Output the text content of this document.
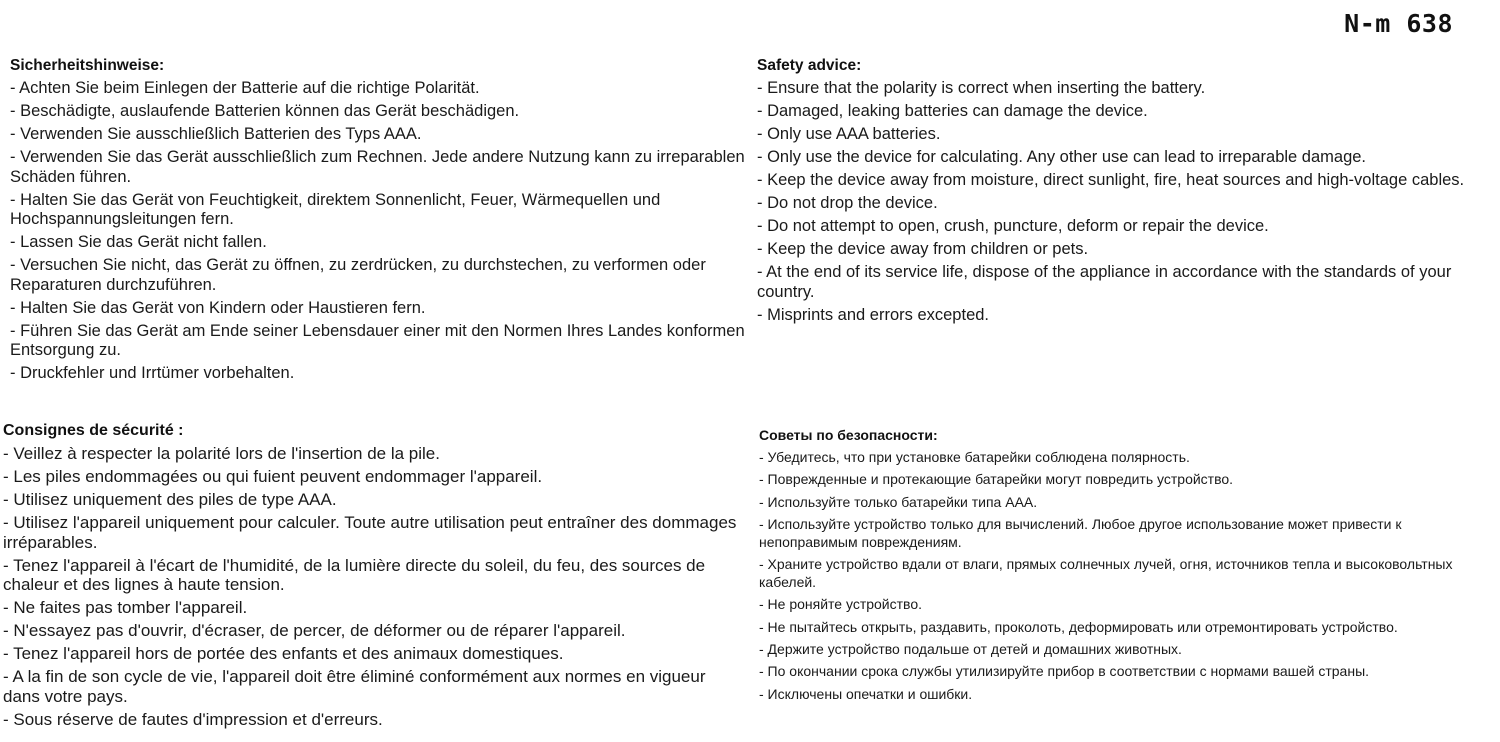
N-m 638
Sicherheitshinweise:
- Achten Sie beim Einlegen der Batterie auf die richtige Polarität.
- Beschädigte, auslaufende Batterien können das Gerät beschädigen.
- Verwenden Sie ausschließlich Batterien des Typs AAA.
- Verwenden Sie das Gerät ausschließlich zum Rechnen. Jede andere Nutzung kann zu irreparablen Schäden führen.
- Halten Sie das Gerät von Feuchtigkeit, direktem Sonnenlicht, Feuer, Wärmequellen und Hochspannungsleitungen fern.
- Lassen Sie das Gerät nicht fallen.
- Versuchen Sie nicht, das Gerät zu öffnen, zu zerdrücken, zu durchstechen, zu verformen oder Reparaturen durchzuführen.
- Halten Sie das Gerät von Kindern oder Haustieren fern.
- Führen Sie das Gerät am Ende seiner Lebensdauer einer mit den Normen Ihres Landes konformen Entsorgung zu.
- Druckfehler und Irrtümer vorbehalten.
Safety advice:
- Ensure that the polarity is correct when inserting the battery.
- Damaged, leaking batteries can damage the device.
- Only use AAA batteries.
- Only use the device for calculating. Any other use can lead to irreparable damage.
- Keep the device away from moisture, direct sunlight, fire, heat sources and high-voltage cables.
- Do not drop the device.
- Do not attempt to open, crush, puncture, deform or repair the device.
- Keep the device away from children or pets.
- At the end of its service life, dispose of the appliance in accordance with the standards of your country.
- Misprints and errors excepted.
Consignes de sécurité :
- Veillez à respecter la polarité lors de l'insertion de la pile.
- Les piles endommagées ou qui fuient peuvent endommager l'appareil.
- Utilisez uniquement des piles de type AAA.
- Utilisez l'appareil uniquement pour calculer. Toute autre utilisation peut entraîner des dommages irréparables.
- Tenez l'appareil à l'écart de l'humidité, de la lumière directe du soleil, du feu, des sources de chaleur et des lignes à haute tension.
- Ne faites pas tomber l'appareil.
- N'essayez pas d'ouvrir, d'écraser, de percer, de déformer ou de réparer l'appareil.
- Tenez l'appareil hors de portée des enfants et des animaux domestiques.
- A la fin de son cycle de vie, l'appareil doit être éliminé conformément aux normes en vigueur dans votre pays.
- Sous réserve de fautes d'impression et d'erreurs.
Советы по безопасности:
- Убедитесь, что при установке батарейки соблюдена полярность.
- Поврежденные и протекающие батарейки могут повредить устройство.
- Используйте только батарейки типа AAA.
- Используйте устройство только для вычислений. Любое другое использование может привести к непоправимым повреждениям.
- Храните устройство вдали от влаги, прямых солнечных лучей, огня, источников тепла и высоковольтных кабелей.
- Не роняйте устройство.
- Не пытайтесь открыть, раздавить, проколоть, деформировать или отремонтировать устройство.
- Держите устройство подальше от детей и домашних животных.
- По окончании срока службы утилизируйте прибор в соответствии с нормами вашей страны.
- Исключены опечатки и ошибки.
